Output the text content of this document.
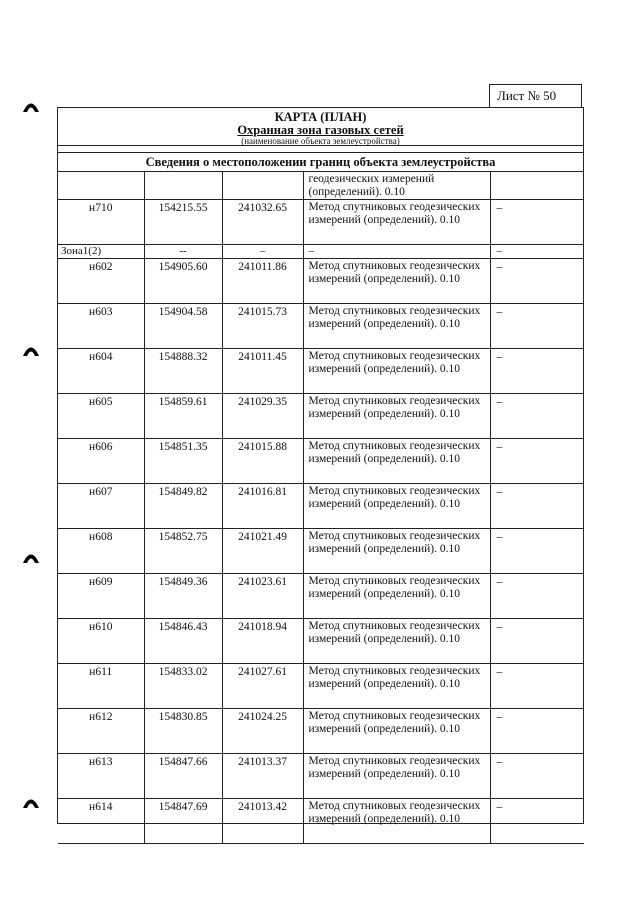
Лист № 50
КАРТА (ПЛАН)
Охранная зона газовых сетей
(наименование объекта землеустройства)
Сведения о местоположении границ объекта землеустройства
			геодезических измерений (определений). 0.10	
н710	154215.55	241032.65	Метод спутниковых геодезических измерений (определений). 0.10	–
Зона1(2)	--	–	–	–
н602	154905.60	241011.86	Метод спутниковых геодезических измерений (определений). 0.10	–
н603	154904.58	241015.73	Метод спутниковых геодезических измерений (определений). 0.10	–
н604	154888.32	241011.45	Метод спутниковых геодезических измерений (определений). 0.10	–
н605	154859.61	241029.35	Метод спутниковых геодезических измерений (определений). 0.10	–
н606	154851.35	241015.88	Метод спутниковых геодезических измерений (определений). 0.10	–
н607	154849.82	241016.81	Метод спутниковых геодезических измерений (определений). 0.10	–
н608	154852.75	241021.49	Метод спутниковых геодезических измерений (определений). 0.10	–
н609	154849.36	241023.61	Метод спутниковых геодезических измерений (определений). 0.10	–
н610	154846.43	241018.94	Метод спутниковых геодезических измерений (определений). 0.10	–
н611	154833.02	241027.61	Метод спутниковых геодезических измерений (определений). 0.10	–
н612	154830.85	241024.25	Метод спутниковых геодезических измерений (определений). 0.10	–
н613	154847.66	241013.37	Метод спутниковых геодезических измерений (определений). 0.10	–
н614	154847.69	241013.42	Метод спутниковых геодезических измерений (определений). 0.10	–
